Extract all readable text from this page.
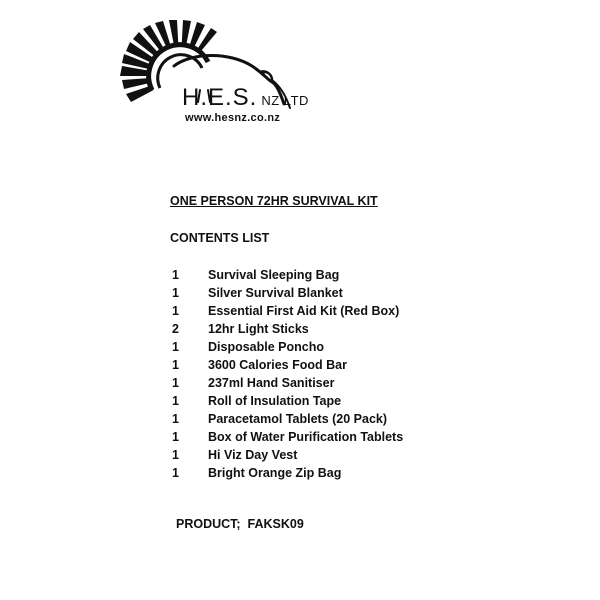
H.E.S. NZ LTD
www.hesnz.co.nz
ONE PERSON 72HR SURVIVAL KIT
CONTENTS LIST
1 Survival Sleeping Bag
1 Silver Survival Blanket
1 Essential First Aid Kit (Red Box)
2 12hr Light Sticks
1 Disposable Poncho
1 3600 Calories Food Bar
1 237ml Hand Sanitiser
1 Roll of Insulation Tape
1 Paracetamol Tablets (20 Pack)
1 Box of Water Purification Tablets
1 Hi Viz Day Vest
1 Bright Orange Zip Bag
PRODUCT; FAKSK09
